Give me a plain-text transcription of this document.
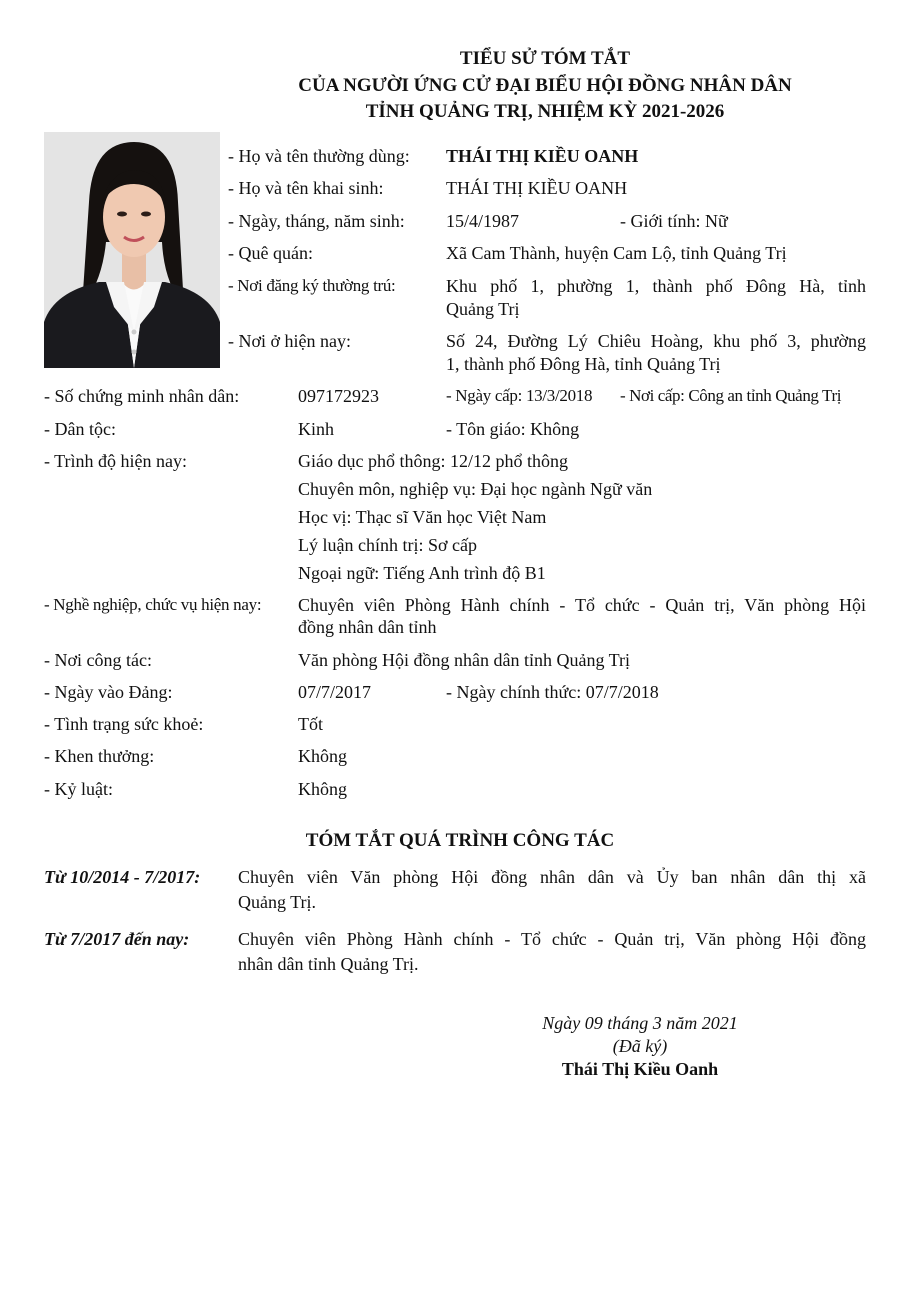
TIỂU SỬ TÓM TẮT
CỦA NGƯỜI ỨNG CỬ ĐẠI BIỂU HỘI ĐỒNG NHÂN DÂN
TỈNH QUẢNG TRỊ, NHIỆM KỲ 2021-2026
- Họ và tên thường dùng: THÁI THỊ KIỀU OANH
- Họ và tên khai sinh:	THÁI THỊ KIỀU OANH
- Ngày, tháng, năm sinh: 15/4/1987	- Giới tính: Nữ
- Quê quán:	Xã Cam Thành, huyện Cam Lộ, tỉnh Quảng Trị
- Nơi đăng ký thường trú:	Khu phố 1, phường 1, thành phố Đông Hà, tỉnh
Quảng Trị
- Nơi ở hiện nay:	Số 24, Đường Lý Chiêu Hoàng, khu phố 3, phường
1, thành phố Đông Hà, tỉnh Quảng Trị
- Số chứng minh nhân dân:	097172923	- Ngày cấp: 13/3/2018 - Nơi cấp: Công an tỉnh Quảng Trị
- Dân tộc:	Kinh	- Tôn giáo: Không
- Trình độ hiện nay:	Giáo dục phổ thông: 12/12 phổ thông
Chuyên môn, nghiệp vụ: Đại học ngành Ngữ văn
Học vị: Thạc sĩ Văn học Việt Nam
Lý luận chính trị: Sơ cấp
Ngoại ngữ: Tiếng Anh trình độ B1
- Nghề nghiệp, chức vụ hiện nay: Chuyên viên Phòng Hành chính - Tổ chức - Quản trị, Văn phòng Hội
đồng nhân dân tỉnh
- Nơi công tác:	Văn phòng Hội đồng nhân dân tỉnh Quảng Trị
- Ngày vào Đảng:	07/7/2017	- Ngày chính thức: 07/7/2018
- Tình trạng sức khoẻ:	Tốt
- Khen thưởng:	Không
- Kỷ luật:	Không
TÓM TẮT QUÁ TRÌNH CÔNG TÁC
Từ 10/2014 - 7/2017: Chuyên viên Văn phòng Hội đồng nhân dân và Ủy ban nhân dân thị xã
Quảng Trị.
Từ 7/2017 đến nay:	Chuyên viên Phòng Hành chính - Tổ chức - Quản trị, Văn phòng Hội đồng
nhân dân tỉnh Quảng Trị.
Ngày 09 tháng 3 năm 2021
(Đã ký)
Thái Thị Kiều Oanh
